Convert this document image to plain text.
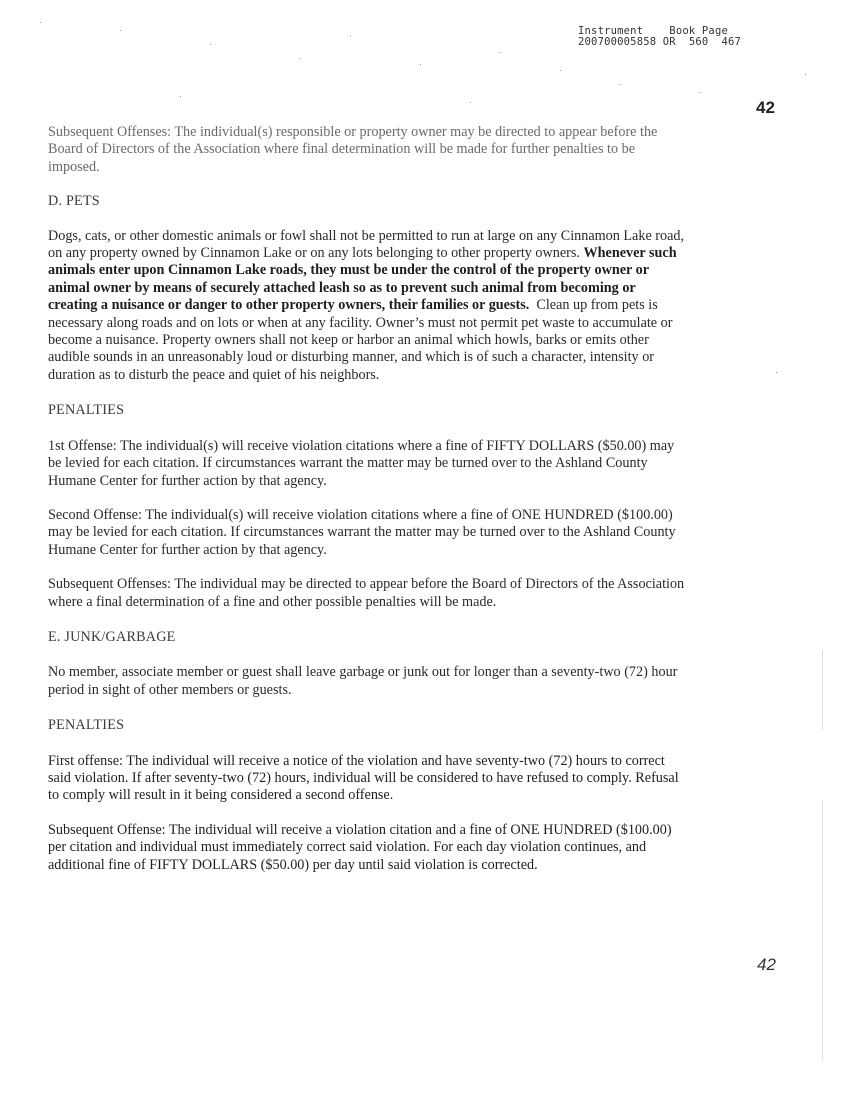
Instrument    Book Page
200700005858 OR  560  467
42

Subsequent Offenses: The individual(s) responsible or property owner may be directed to appear before the Board of Directors of the Association where final determination will be made for further penalties to be imposed.

D. PETS

Dogs, cats, or other domestic animals or fowl shall not be permitted to run at large on any Cinnamon Lake road, on any property owned by Cinnamon Lake or on any lots belonging to other property owners. Whenever such animals enter upon Cinnamon Lake roads, they must be under the control of the property owner or animal owner by means of securely attached leash so as to prevent such animal from becoming or creating a nuisance or danger to other property owners, their families or guests. Clean up from pets is necessary along roads and on lots or when at any facility. Owner’s must not permit pet waste to accumulate or become a nuisance. Property owners shall not keep or harbor an animal which howls, barks or emits other audible sounds in an unreasonably loud or disturbing manner, and which is of such a character, intensity or duration as to disturb the peace and quiet of his neighbors.

PENALTIES

1st Offense: The individual(s) will receive violation citations where a fine of FIFTY DOLLARS ($50.00) may be levied for each citation. If circumstances warrant the matter may be turned over to the Ashland County Humane Center for further action by that agency.

Second Offense: The individual(s) will receive violation citations where a fine of ONE HUNDRED ($100.00) may be levied for each citation. If circumstances warrant the matter may be turned over to the Ashland County Humane Center for further action by that agency.

Subsequent Offenses: The individual may be directed to appear before the Board of Directors of the Association where a final determination of a fine and other possible penalties will be made.

E. JUNK/GARBAGE

No member, associate member or guest shall leave garbage or junk out for longer than a seventy-two (72) hour period in sight of other members or guests.

PENALTIES

First offense: The individual will receive a notice of the violation and have seventy-two (72) hours to correct said violation. If after seventy-two (72) hours, individual will be considered to have refused to comply. Refusal to comply will result in it being considered a second offense.

Subsequent Offense: The individual will receive a violation citation and a fine of ONE HUNDRED ($100.00) per citation and individual must immediately correct said violation. For each day violation continues, and additional fine of FIFTY DOLLARS ($50.00) per day until said violation is corrected.

42
